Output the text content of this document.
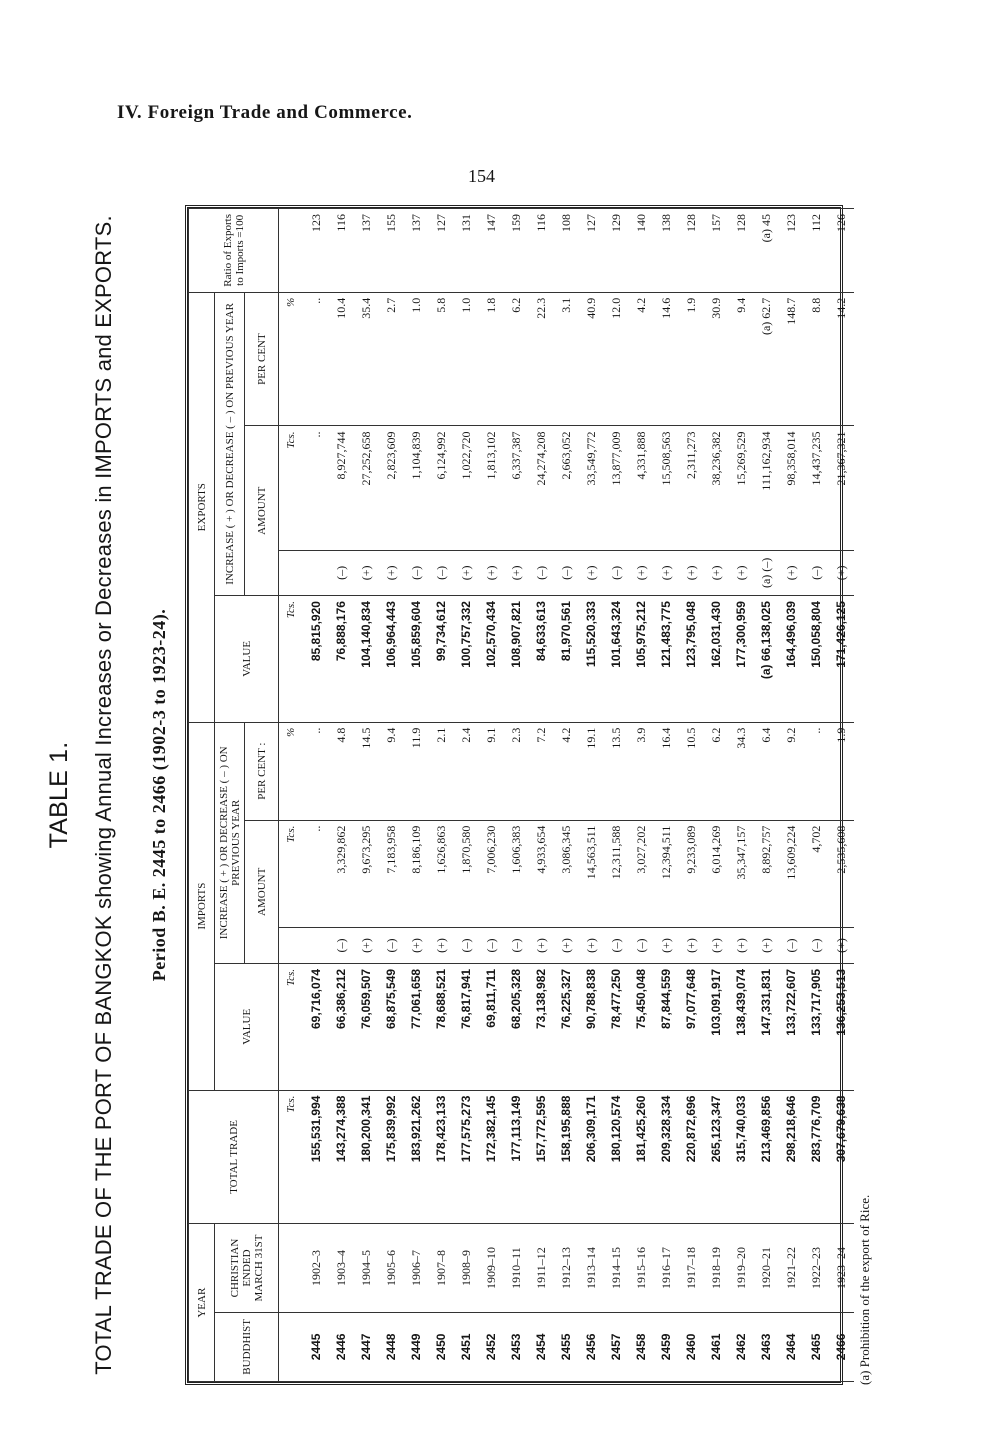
IV. Foreign Trade and Commerce.
154
TABLE 1. TOTAL TRADE OF THE PORT OF BANGKOK showing Annual Increases or Decreases in IMPORTS and EXPORTS. Period B. E. 2445 to 2466 (1902-3 to 1923-24).
YEAR		TOTAL TRADE	IMPORTS				EXPORTS				Ratio of Exports to Imports =100
BUDDHIST	CHRISTIAN ENDED MARCH 31ST		VALUE	INCREASE ( + ) OR DECREASE ( – ) ON PREVIOUS YEAR			VALUE	INCREASE ( + ) OR DECREASE ( – ) ON PREVIOUS YEAR			
				AMOUNT		PER CENT :		AMOUNT		PER CENT	
		Tcs.	Tcs.		Tcs.	%	Tcs.		Tcs.	%	
2445	1902–3	155,531,994	69,716,074		..	..	85,815,920		..	..	123
2446	1903–4	143,274,388	66,386,212	(–)	3,329,862	4.8	76,888,176	(–)	8,927,744	10.4	116
2447	1904–5	180,200,341	76,059,507	(+)	9,673,295	14.5	104,140,834	(+)	27,252,658	35.4	137
2448	1905–6	175,839,992	68,875,549	(–)	7,183,958	9.4	106,964,443	(+)	2,823,609	2.7	155
2449	1906–7	183,921,262	77,061,658	(+)	8,186,109	11.9	105,859,604	(–)	1,104,839	1.0	137
2450	1907–8	178,423,133	78,688,521	(+)	1,626,863	2.1	99,734,612	(–)	6,124,992	5.8	127
2451	1908–9	177,575,273	76,817,941	(–)	1,870,580	2.4	100,757,332	(+)	1,022,720	1.0	131
2452	1909–10	172,382,145	69,811,711	(–)	7,006,230	9.1	102,570,434	(+)	1,813,102	1.8	147
2453	1910–11	177,113,149	68,205,328	(–)	1,606,383	2.3	108,907,821	(+)	6,337,387	6.2	159
2454	1911–12	157,772,595	73,138,982	(+)	4,933,654	7.2	84,633,613	(–)	24,274,208	22.3	116
2455	1912–13	158,195,888	76,225,327	(+)	3,086,345	4.2	81,970,561	(–)	2,663,052	3.1	108
2456	1913–14	206,309,171	90,788,838	(+)	14,563,511	19.1	115,520,333	(+)	33,549,772	40.9	127
2457	1914–15	180,120,574	78,477,250	(–)	12,311,588	13.5	101,643,324	(–)	13,877,009	12.0	129
2458	1915–16	181,425,260	75,450,048	(–)	3,027,202	3.9	105,975,212	(+)	4,331,888	4.2	140
2459	1916–17	209,328,334	87,844,559	(+)	12,394,511	16.4	121,483,775	(+)	15,508,563	14.6	138
2460	1917–18	220,872,696	97,077,648	(+)	9,233,089	10.5	123,795,048	(+)	2,311,273	1.9	128
2461	1918–19	265,123,347	103,091,917	(+)	6,014,269	6.2	162,031,430	(+)	38,236,382	30.9	157
2462	1919–20	315,740,033	138,439,074	(+)	35,347,157	34.3	177,300,959	(+)	15,269,529	9.4	128
2463	1920–21	213,469,856	147,331,831	(+)	8,892,757	6.4	(a) 66,138,025	(a) (–)	111,162,934	(a) 62.7	(a) 45
2464	1921–22	298,218,646	133,722,607	(–)	13,609,224	9.2	164,496,039	(+)	98,358,014	148.7	123
2465	1922–23	283,776,709	133,717,905	(–)	4,702	..	150,058,804	(–)	14,437,235	8.8	112
2466	1923–24	307,679,638	136,253,513	(+)	2,535,608	1.9	171,426,125	(+)	21,367,321	14.2	126
(a) Prohibition of the export of Rice.
